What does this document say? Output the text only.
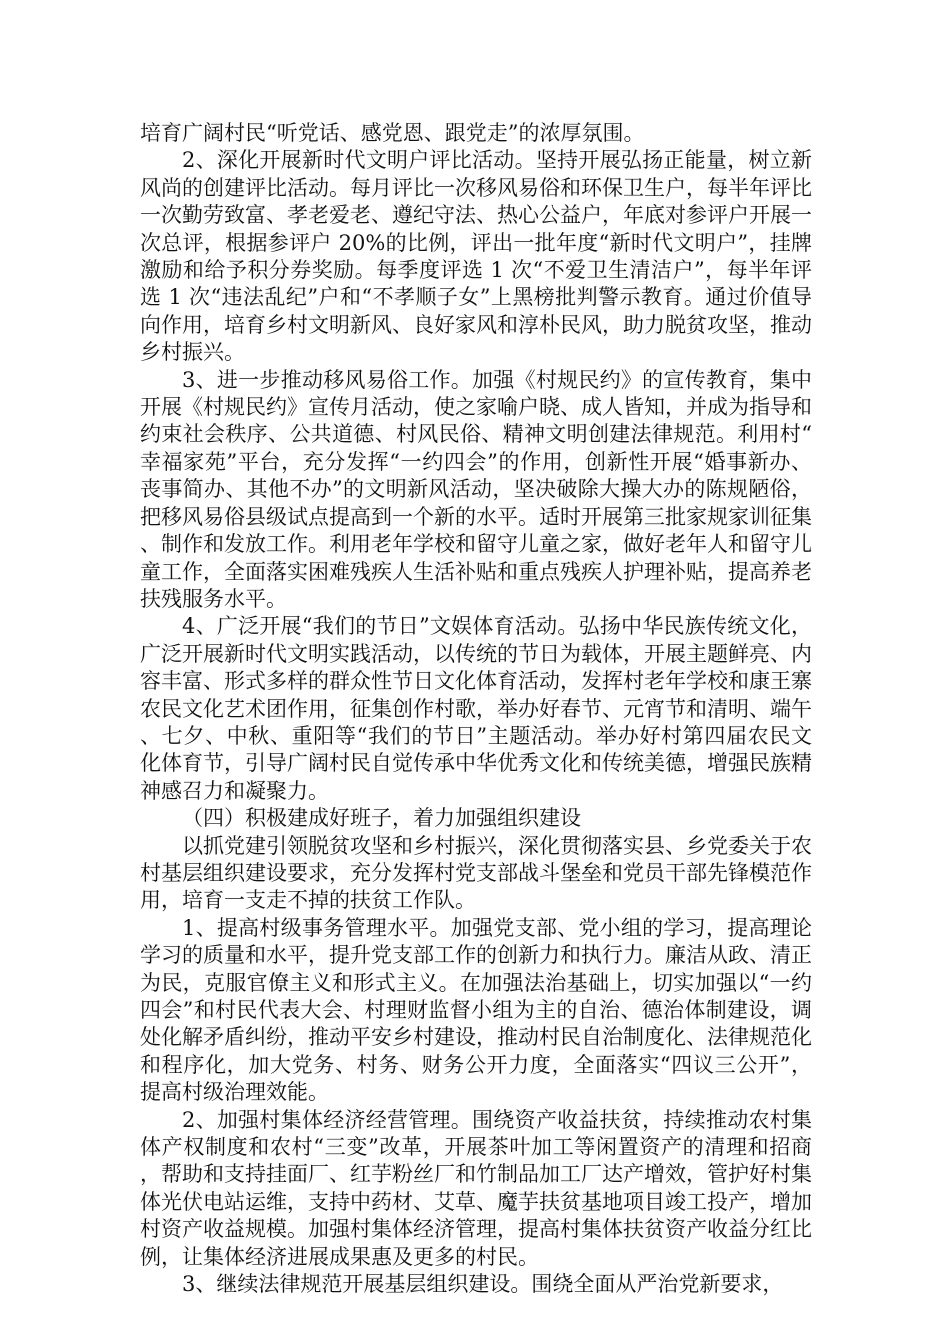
培育广阔村民“听党话、感党恩、跟党走”的浓厚氛围。

2、深化开展新时代文明户评比活动。坚持开展弘扬正能量，树立新风尚的创建评比活动。每月评比一次移风易俗和环保卫生户，每半年评比一次勤劳致富、孝老爱老、遵纪守法、热心公益户，年底对参评户开展一次总评，根据参评户 20%的比例，评出一批年度“新时代文明户”，挂牌激励和给予积分券奖励。每季度评选 1 次“不爱卫生清洁户”，每半年评选 1 次“违法乱纪”户和“不孝顺子女”上黑榜批判警示教育。通过价值导向作用，培育乡村文明新风、良好家风和淳朴民风，助力脱贫攻坚，推动乡村振兴。

3、进一步推动移风易俗工作。加强《村规民约》的宣传教育，集中开展《村规民约》宣传月活动，使之家喻户晓、成人皆知，并成为指导和约束社会秩序、公共道德、村风民俗、精神文明创建法律规范。利用村“幸福家苑”平台，充分发挥“一约四会”的作用，创新性开展“婚事新办、丧事简办、其他不办”的文明新风活动，坚决破除大操大办的陈规陋俗，把移风易俗县级试点提高到一个新的水平。适时开展第三批家规家训征集、制作和发放工作。利用老年学校和留守儿童之家，做好老年人和留守儿童工作，全面落实困难残疾人生活补贴和重点残疾人护理补贴，提高养老扶残服务水平。

4、广泛开展“我们的节日”文娱体育活动。弘扬中华民族传统文化，广泛开展新时代文明实践活动，以传统的节日为载体，开展主题鲜亮、内容丰富、形式多样的群众性节日文化体育活动，发挥村老年学校和康王寨农民文化艺术团作用，征集创作村歌，举办好春节、元宵节和清明、端午、七夕、中秋、重阳等“我们的节日”主题活动。举办好村第四届农民文化体育节，引导广阔村民自觉传承中华优秀文化和传统美德，增强民族精神感召力和凝聚力。

（四）积极建成好班子，着力加强组织建设

以抓党建引领脱贫攻坚和乡村振兴，深化贯彻落实县、乡党委关于农村基层组织建设要求，充分发挥村党支部战斗堡垒和党员干部先锋模范作用，培育一支走不掉的扶贫工作队。

1、提高村级事务管理水平。加强党支部、党小组的学习，提高理论学习的质量和水平，提升党支部工作的创新力和执行力。廉洁从政、清正为民，克服官僚主义和形式主义。在加强法治基础上，切实加强以“一约四会”和村民代表大会、村理财监督小组为主的自治、德治体制建设，调处化解矛盾纠纷，推动平安乡村建设，推动村民自治制度化、法律规范化和程序化，加大党务、村务、财务公开力度，全面落实“四议三公开”，提高村级治理效能。

2、加强村集体经济经营管理。围绕资产收益扶贫，持续推动农村集体产权制度和农村“三变”改革，开展茶叶加工等闲置资产的清理和招商，帮助和支持挂面厂、红芋粉丝厂和竹制品加工厂达产增效，管护好村集体光伏电站运维，支持中药材、艾草、魔芋扶贫基地项目竣工投产，增加村资产收益规模。加强村集体经济管理，提高村集体扶贫资产收益分红比例，让集体经济进展成果惠及更多的村民。

3、继续法律规范开展基层组织建设。围绕全面从严治党新要求，
